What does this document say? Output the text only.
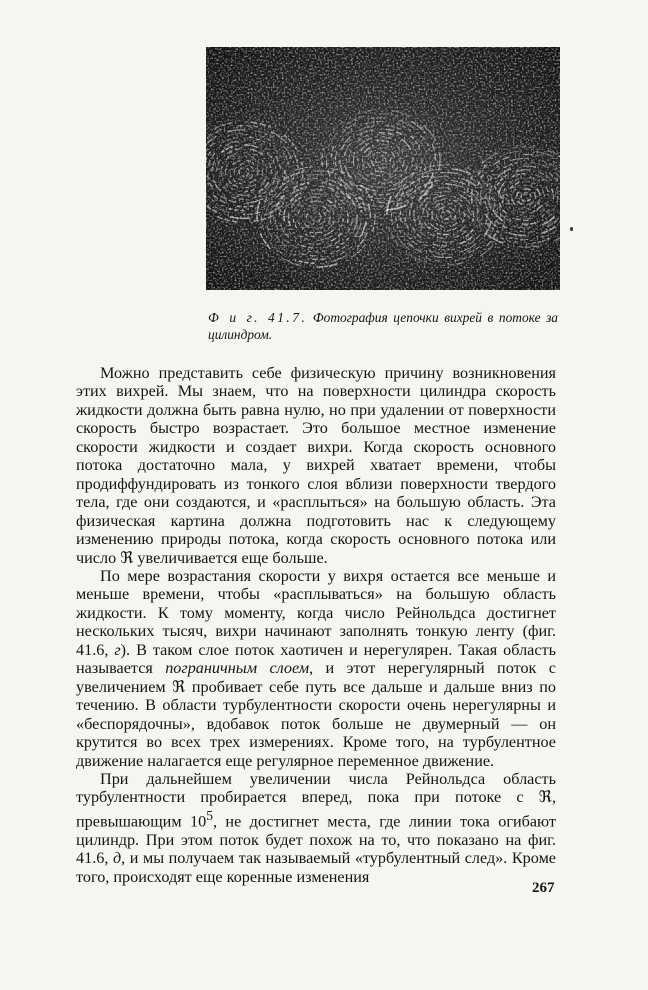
Ф и г. 41.7. Фотография цепочки вихрей в потоке за цилиндром.

Можно представить себе физическую причину возникновения этих вихрей. Мы знаем, что на поверхности цилиндра скорость жидкости должна быть равна нулю, но при удалении от поверхности скорость быстро возрастает. Это большое местное изменение скорости жидкости и создает вихри. Когда скорость основного потока достаточно мала, у вихрей хватает времени, чтобы продиффундировать из тонкого слоя вблизи поверхности твердого тела, где они создаются, и «расплыться» на большую область. Эта физическая картина должна подготовить нас к следующему изменению природы потока, когда скорость основного потока или число ℜ увеличивается еще больше.

По мере возрастания скорости у вихря остается все меньше и меньше времени, чтобы «расплываться» на большую область жидкости. К тому моменту, когда число Рейнольдса достигнет нескольких тысяч, вихри начинают заполнять тонкую ленту (фиг. 41.6, г). В таком слое поток хаотичен и нерегулярен. Такая область называется пограничным слоем, и этот нерегулярный поток с увеличением ℜ пробивает себе путь все дальше и дальше вниз по течению. В области турбулентности скорости очень нерегулярны и «беспорядочны», вдобавок поток больше не двумерный — он крутится во всех трех измерениях. Кроме того, на турбулентное движение налагается еще регулярное переменное движение.

При дальнейшем увеличении числа Рейнольдса область турбулентности пробирается вперед, пока при потоке с ℜ, превышающим $10^5$, не достигнет места, где линии тока огибают цилиндр. При этом поток будет похож на то, что показано на фиг. 41.6, д, и мы получаем так называемый «турбулентный след». Кроме того, происходят еще коренные изменения

267
